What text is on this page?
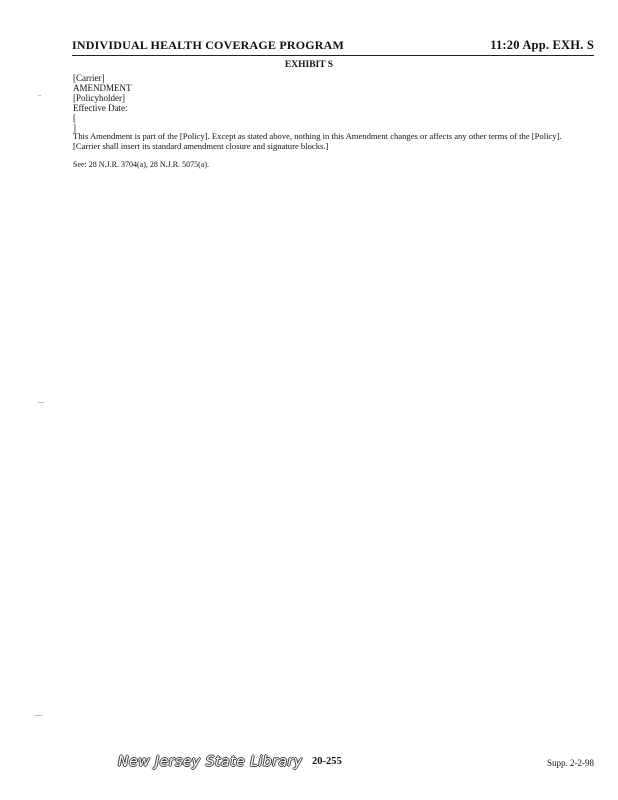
INDIVIDUAL HEALTH COVERAGE PROGRAM	11:20 App. EXH. S
EXHIBIT S
[Carrier]
AMENDMENT
[Policyholder]
Effective Date:
[
]
This Amendment is part of the [Policy]. Except as stated above, nothing in this Amendment changes or affects any other terms of the [Policy].
[Carrier shall insert its standard amendment closure and signature blocks.]
See: 28 N.J.R. 3704(a), 28 N.J.R. 5075(a).
New Jersey State Library 20-255	Supp. 2-2-98
